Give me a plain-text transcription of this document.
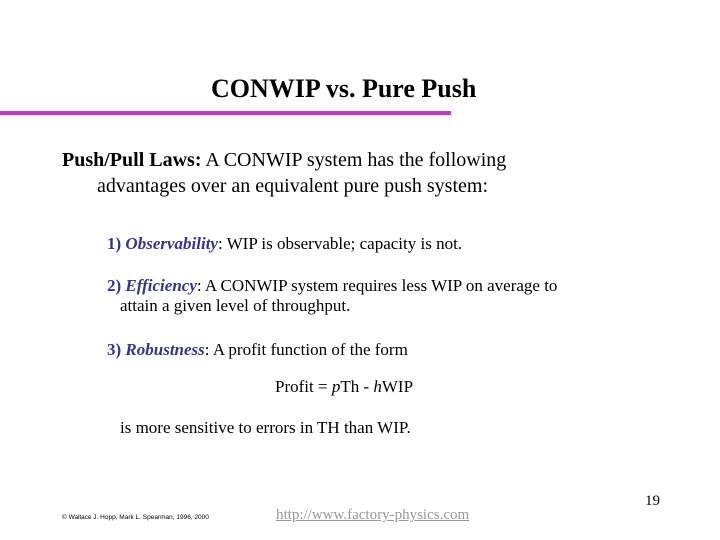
CONWIP vs. Pure Push
Push/Pull Laws: A CONWIP system has the following
advantages over an equivalent pure push system:
1) Observability: WIP is observable; capacity is not.
2) Efficiency: A CONWIP system requires less WIP on average to
attain a given level of throughput.
3) Robustness: A profit function of the form
Profit = pTh - hWIP
is more sensitive to errors in TH than WIP.
19
© Wallace J. Hopp, Mark L. Spearman, 1996, 2000	http://www.factory-physics.com
